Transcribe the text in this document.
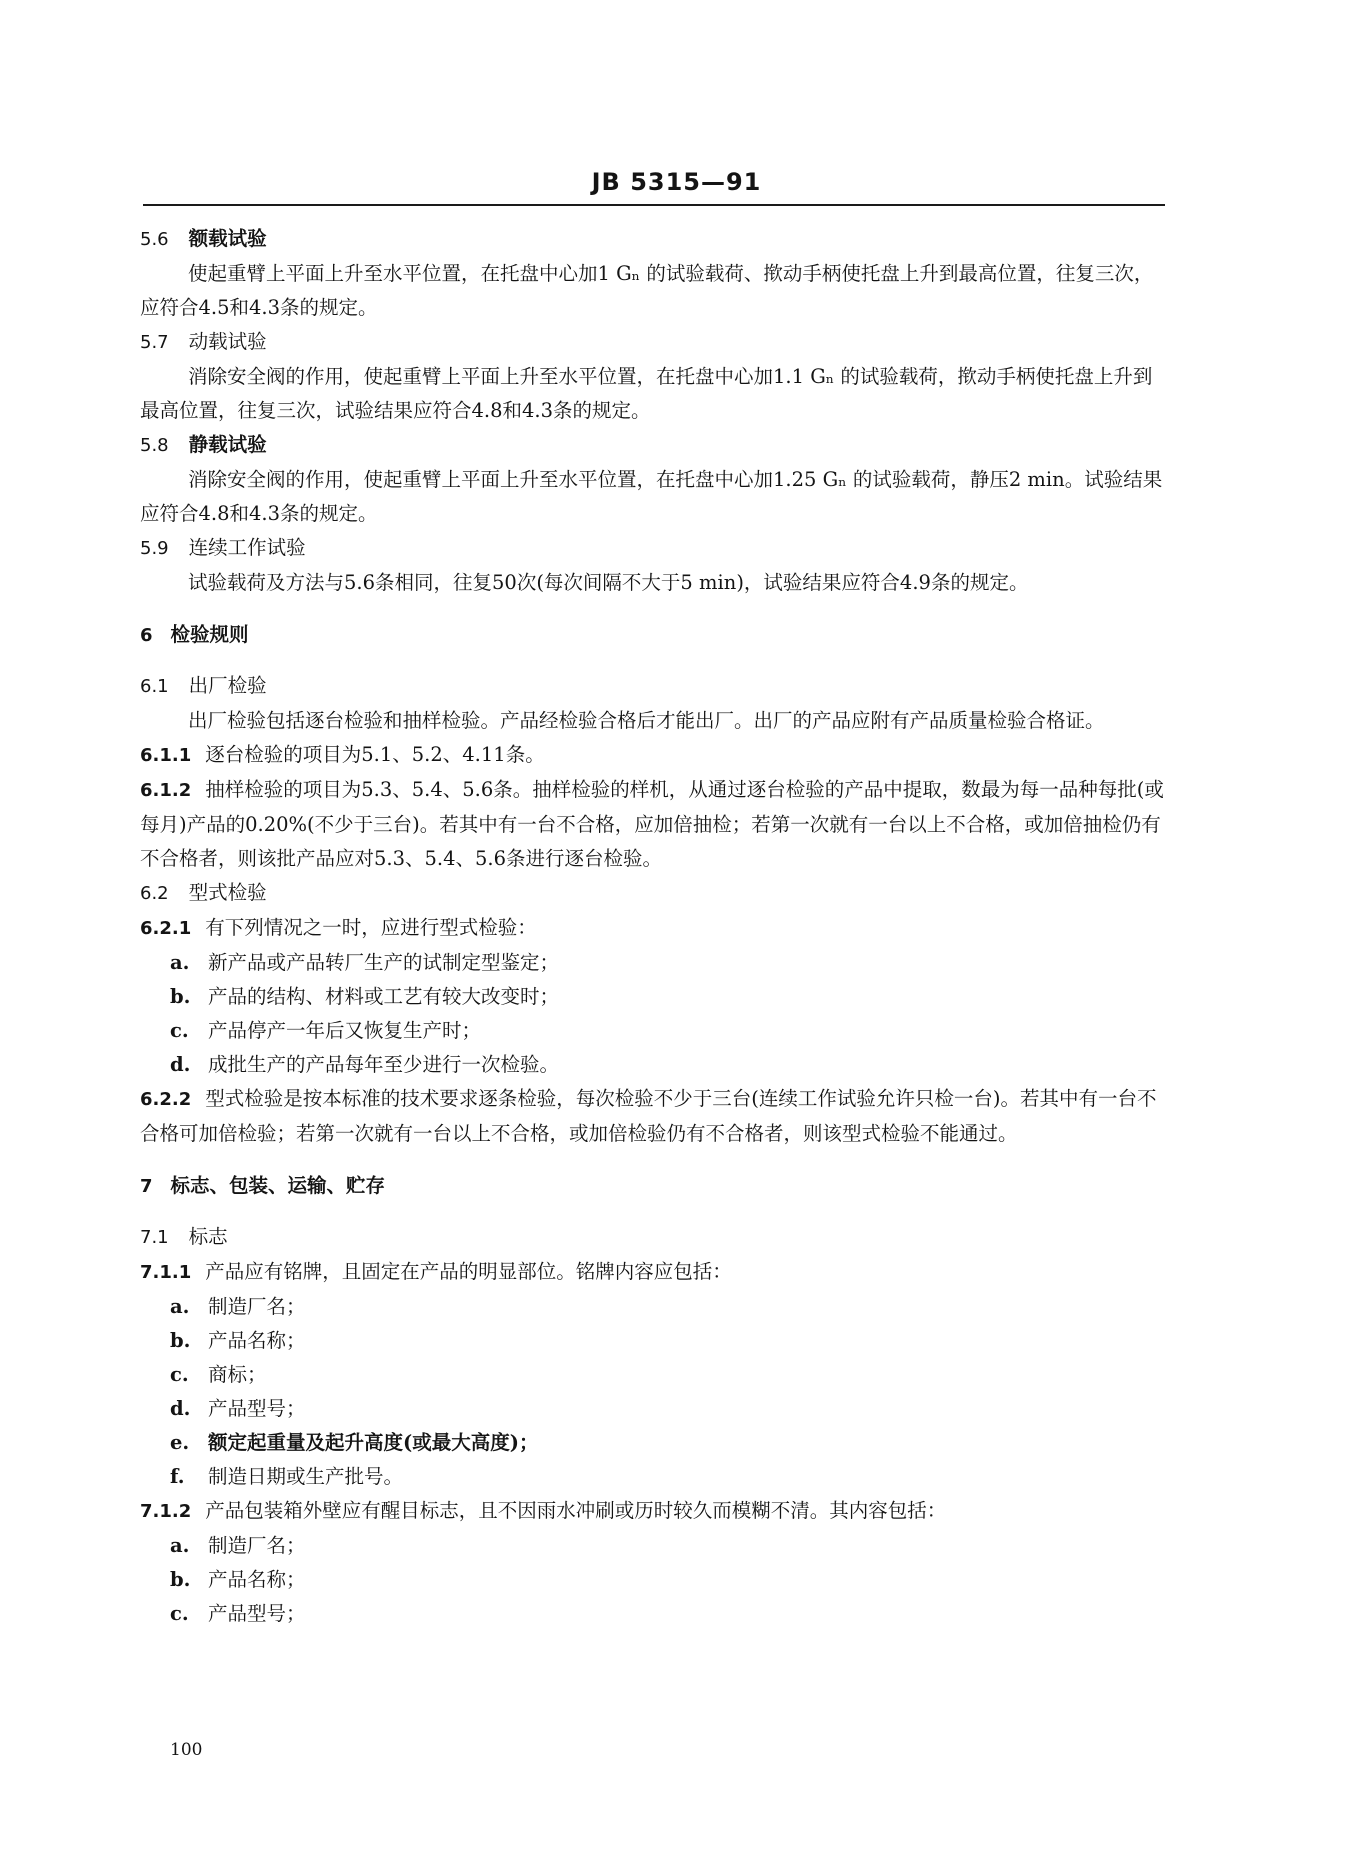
JB 5315—91

5.6 额载试验

使起重臂上平面上升至水平位置，在托盘中心加1 Gₙ 的试验载荷、揿动手柄使托盘上升到最高位置，往复三次，应符合4.5和4.3条的规定。

5.7 动载试验

消除安全阀的作用，使起重臂上平面上升至水平位置，在托盘中心加1.1 Gₙ 的试验载荷，揿动手柄使托盘上升到最高位置，往复三次，试验结果应符合4.8和4.3条的规定。

5.8 静载试验

消除安全阀的作用，使起重臂上平面上升至水平位置，在托盘中心加1.25 Gₙ 的试验载荷，静压2 min。试验结果应符合4.8和4.3条的规定。

5.9 连续工作试验

试验载荷及方法与5.6条相同，往复50次(每次间隔不大于5 min)，试验结果应符合4.9条的规定。

6 检验规则

6.1 出厂检验

出厂检验包括逐台检验和抽样检验。产品经检验合格后才能出厂。出厂的产品应附有产品质量检验合格证。

6.1.1 逐台检验的项目为5.1、5.2、4.11条。

6.1.2 抽样检验的项目为5.3、5.4、5.6条。抽样检验的样机，从通过逐台检验的产品中提取，数最为每一品种每批(或每月)产品的0.20%(不少于三台)。若其中有一台不合格，应加倍抽检；若第一次就有一台以上不合格，或加倍抽检仍有不合格者，则该批产品应对5.3、5.4、5.6条进行逐台检验。

6.2 型式检验

6.2.1 有下列情况之一时，应进行型式检验：

a. 新产品或产品转厂生产的试制定型鉴定；

b. 产品的结构、材料或工艺有较大改变时；

c. 产品停产一年后又恢复生产时；

d. 成批生产的产品每年至少进行一次检验。

6.2.2 型式检验是按本标准的技术要求逐条检验，每次检验不少于三台(连续工作试验允许只检一台)。若其中有一台不合格可加倍检验；若第一次就有一台以上不合格，或加倍检验仍有不合格者，则该型式检验不能通过。

7 标志、包装、运输、贮存

7.1 标志

7.1.1 产品应有铭牌，且固定在产品的明显部位。铭牌内容应包括：

a. 制造厂名；

b. 产品名称；

c. 商标；

d. 产品型号；

e. 额定起重量及起升高度(或最大高度)；

f. 制造日期或生产批号。

7.1.2 产品包装箱外壁应有醒目标志，且不因雨水冲刷或历时较久而模糊不清。其内容包括：

a. 制造厂名；

b. 产品名称；

c. 产品型号；

100
